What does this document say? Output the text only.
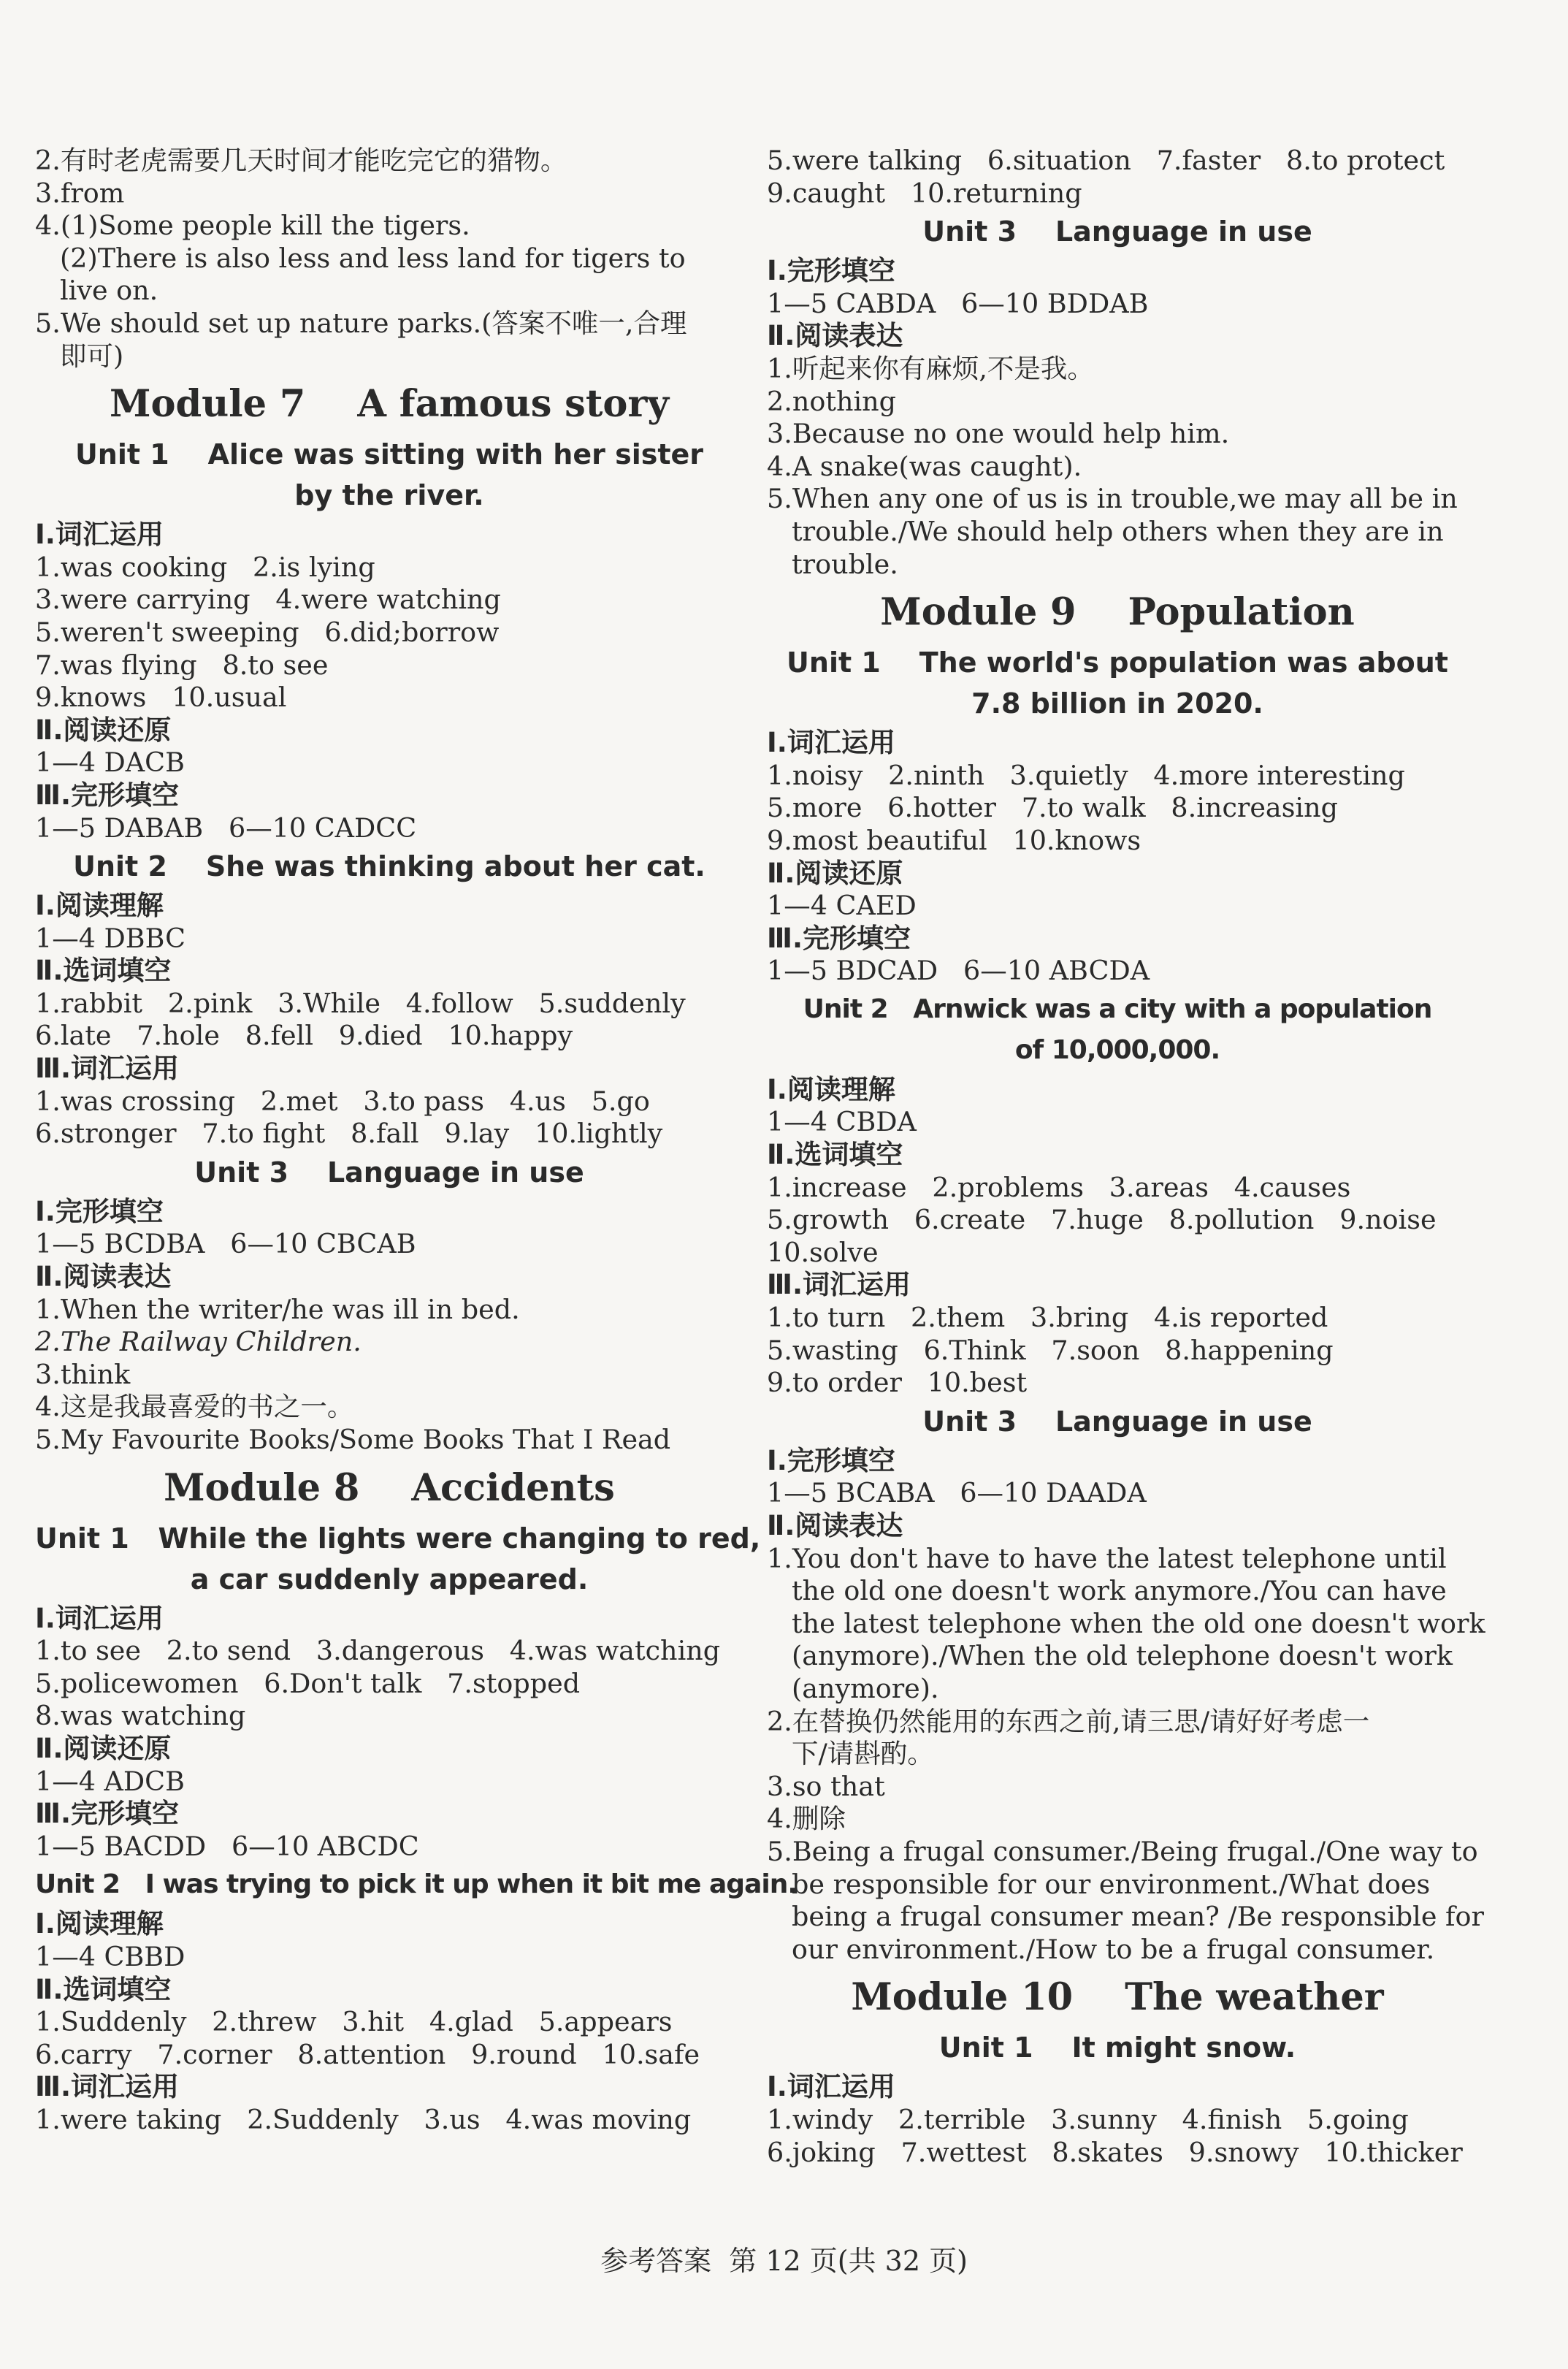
2.有时老虎需要几天时间才能吃完它的猎物。
3.from
4.(1)Some people kill the tigers.
(2)There is also less and less land for tigers to
live on.
5.We should set up nature parks.(答案不唯一,合理
即可)
Module 7    A famous story
Unit 1    Alice was sitting with her sister
by the river.
Ⅰ.词汇运用
1.was cooking   2.is lying
3.were carrying   4.were watching
5.weren't sweeping   6.did;borrow
7.was flying   8.to see
9.knows   10.usual
Ⅱ.阅读还原
1—4 DACB
Ⅲ.完形填空
1—5 DABAB   6—10 CADCC
Unit 2    She was thinking about her cat.
Ⅰ.阅读理解
1—4 DBBC
Ⅱ.选词填空
1.rabbit   2.pink   3.While   4.follow   5.suddenly
6.late   7.hole   8.fell   9.died   10.happy
Ⅲ.词汇运用
1.was crossing   2.met   3.to pass   4.us   5.go
6.stronger   7.to fight   8.fall   9.lay   10.lightly
Unit 3    Language in use
Ⅰ.完形填空
1—5 BCDBA   6—10 CBCAB
Ⅱ.阅读表达
1.When the writer/he was ill in bed.
2.The Railway Children.
3.think
4.这是我最喜爱的书之一。
5.My Favourite Books/Some Books That I Read
Module 8    Accidents
Unit 1   While the lights were changing to red,
a car suddenly appeared.
Ⅰ.词汇运用
1.to see   2.to send   3.dangerous   4.was watching
5.policewomen   6.Don't talk   7.stopped
8.was watching
Ⅱ.阅读还原
1—4 ADCB
Ⅲ.完形填空
1—5 BACDD   6—10 ABCDC
Unit 2   I was trying to pick it up when it bit me again.
Ⅰ.阅读理解
1—4 CBBD
Ⅱ.选词填空
1.Suddenly   2.threw   3.hit   4.glad   5.appears
6.carry   7.corner   8.attention   9.round   10.safe
Ⅲ.词汇运用
1.were taking   2.Suddenly   3.us   4.was moving
5.were talking   6.situation   7.faster   8.to protect
9.caught   10.returning
Unit 3    Language in use
Ⅰ.完形填空
1—5 CABDA   6—10 BDDAB
Ⅱ.阅读表达
1.听起来你有麻烦,不是我。
2.nothing
3.Because no one would help him.
4.A snake(was caught).
5.When any one of us is in trouble,we may all be in
trouble./We should help others when they are in
trouble.
Module 9    Population
Unit 1    The world's population was about
7.8 billion in 2020.
Ⅰ.词汇运用
1.noisy   2.ninth   3.quietly   4.more interesting
5.more   6.hotter   7.to walk   8.increasing
9.most beautiful   10.knows
Ⅱ.阅读还原
1—4 CAED
Ⅲ.完形填空
1—5 BDCAD   6—10 ABCDA
Unit 2   Arnwick was a city with a population
of 10,000,000.
Ⅰ.阅读理解
1—4 CBDA
Ⅱ.选词填空
1.increase   2.problems   3.areas   4.causes
5.growth   6.create   7.huge   8.pollution   9.noise
10.solve
Ⅲ.词汇运用
1.to turn   2.them   3.bring   4.is reported
5.wasting   6.Think   7.soon   8.happening
9.to order   10.best
Unit 3    Language in use
Ⅰ.完形填空
1—5 BCABA   6—10 DAADA
Ⅱ.阅读表达
1.You don't have to have the latest telephone until
the old one doesn't work anymore./You can have
the latest telephone when the old one doesn't work
(anymore)./When the old telephone doesn't work
(anymore).
2.在替换仍然能用的东西之前,请三思/请好好考虑一
下/请斟酌。
3.so that
4.删除
5.Being a frugal consumer./Being frugal./One way to
be responsible for our environment./What does
being a frugal consumer mean? /Be responsible for
our environment./How to be a frugal consumer.
Module 10    The weather
Unit 1    It might snow.
Ⅰ.词汇运用
1.windy   2.terrible   3.sunny   4.finish   5.going
6.joking   7.wettest   8.skates   9.snowy   10.thicker
参考答案  第 12 页(共 32 页)
